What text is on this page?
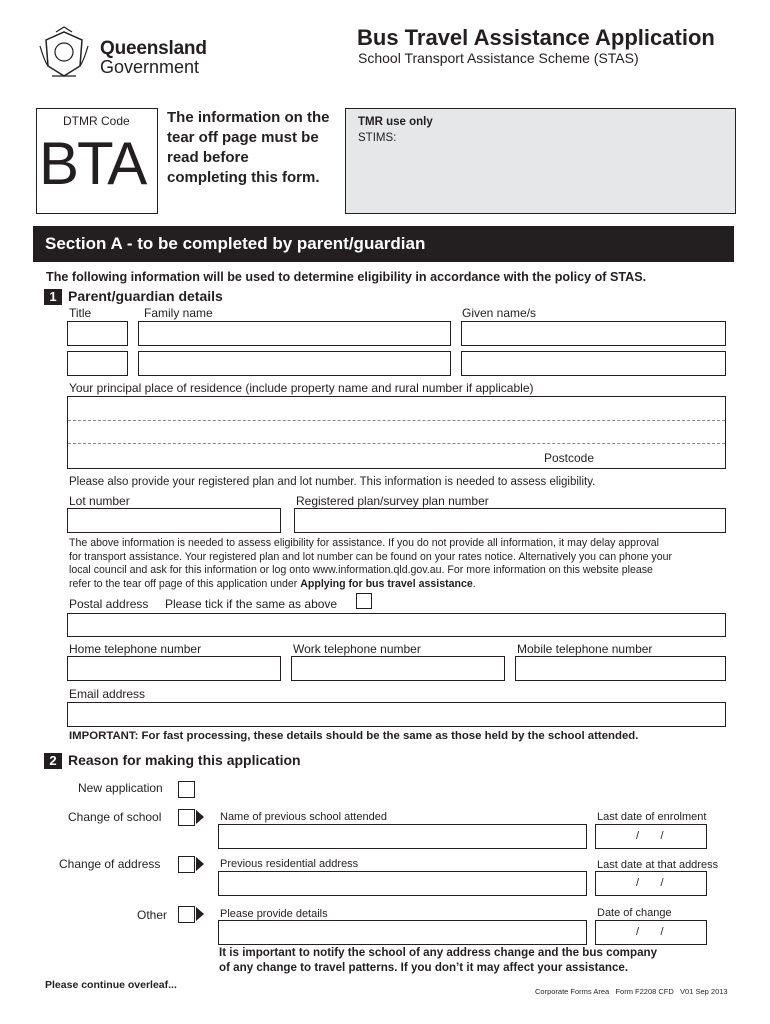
Queensland
Government
Bus Travel Assistance Application
School Transport Assistance Scheme (STAS)
DTMR Code
BTA
The information on the
tear off page must be
read before
completing this form.
TMR use only
STIMS:
Section A - to be completed by parent/guardian
The following information will be used to determine eligibility in accordance with the policy of STAS.
1 Parent/guardian details
Title	Family name	Given name/s
Your principal place of residence (include property name and rural number if applicable)
Postcode
Please also provide your registered plan and lot number. This information is needed to assess eligibility.
Lot number	Registered plan/survey plan number
The above information is needed to assess eligibility for assistance. If you do not provide all information, it may delay approval
for transport assistance. Your registered plan and lot number can be found on your rates notice. Alternatively you can phone your
local council and ask for this information or log onto www.information.qld.gov.au. For more information on this website please
refer to the tear off page of this application under Applying for bus travel assistance.
Postal address Please tick if the same as above
Home telephone number	Work telephone number	Mobile telephone number
Email address
IMPORTANT: For fast processing, these details should be the same as those held by the school attended.
2 Reason for making this application
New application
Change of school	Name of previous school attended	Last date of enrolment
/       /
Change of address	Previous residential address	Last date at that address
/       /
Other	Please provide details	Date of change
/       /
It is important to notify the school of any address change and the bus company
of any change to travel patterns. If you don’t it may affect your assistance.
Please continue overleaf...
Corporate Forms Area   Form F2208 CFD   V01 Sep 2013
